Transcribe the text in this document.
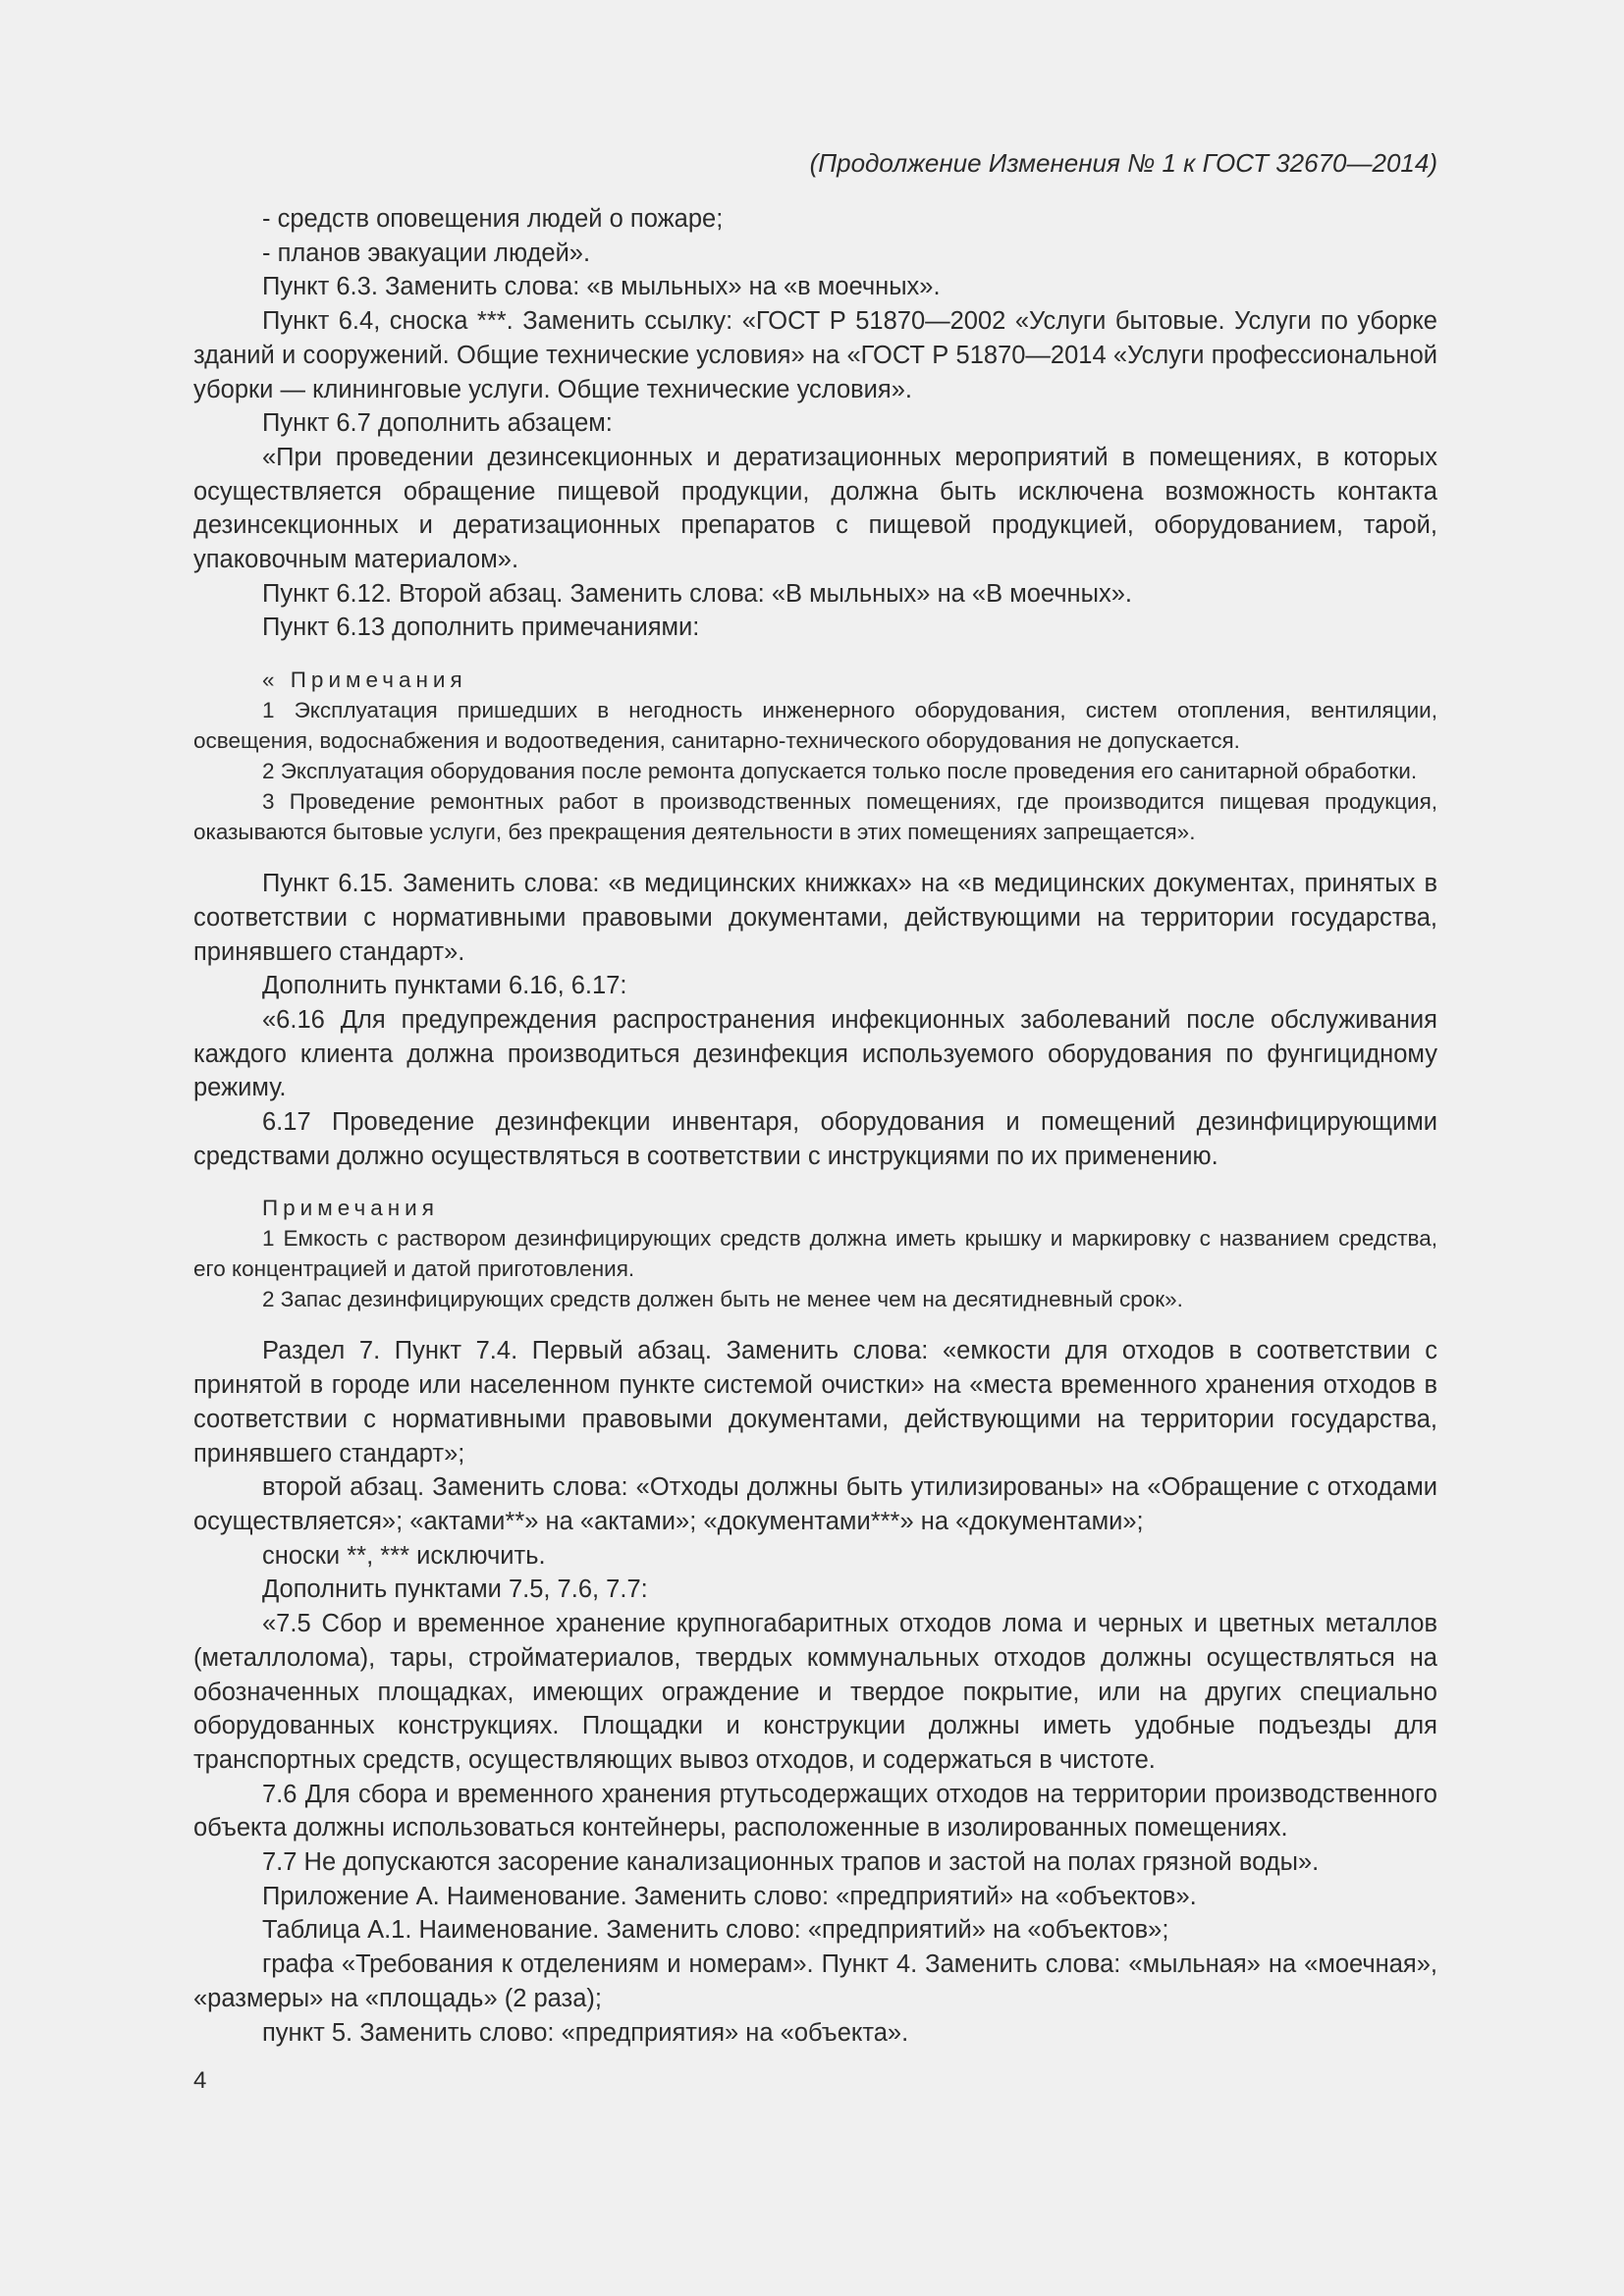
(Продолжение Изменения № 1 к ГОСТ 32670—2014)

- средств оповещения людей о пожаре;

- планов эвакуации людей».

Пункт 6.3. Заменить слова: «в мыльных» на «в моечных».

Пункт 6.4, сноска ***. Заменить ссылку: «ГОСТ Р 51870—2002 «Услуги бытовые. Услуги по уборке зданий и сооружений. Общие технические условия» на «ГОСТ Р 51870—2014 «Услуги профессиональной уборки — клининговые услуги. Общие технические условия».

Пункт 6.7 дополнить абзацем:

«При проведении дезинсекционных и дератизационных мероприятий в помещениях, в которых осуществляется обращение пищевой продукции, должна быть исключена возможность контакта дезинсекционных и дератизационных препаратов с пищевой продукцией, оборудованием, тарой, упаковочным материалом».

Пункт 6.12. Второй абзац. Заменить слова: «В мыльных» на «В моечных».

Пункт 6.13 дополнить примечаниями:

« Примечания

1 Эксплуатация пришедших в негодность инженерного оборудования, систем отопления, вентиляции, освещения, водоснабжения и водоотведения, санитарно-технического оборудования не допускается.

2 Эксплуатация оборудования после ремонта допускается только после проведения его санитарной обработки.

3 Проведение ремонтных работ в производственных помещениях, где производится пищевая продукция, оказываются бытовые услуги, без прекращения деятельности в этих помещениях запрещается».

Пункт 6.15. Заменить слова: «в медицинских книжках» на «в медицинских документах, принятых в соответствии с нормативными правовыми документами, действующими на территории государства, принявшего стандарт».

Дополнить пунктами 6.16, 6.17:

«6.16 Для предупреждения распространения инфекционных заболеваний после обслуживания каждого клиента должна производиться дезинфекция используемого оборудования по фунгицидному режиму.

6.17 Проведение дезинфекции инвентаря, оборудования и помещений дезинфицирующими средствами должно осуществляться в соответствии с инструкциями по их применению.

Примечания

1 Емкость с раствором дезинфицирующих средств должна иметь крышку и маркировку с названием средства, его концентрацией и датой приготовления.

2 Запас дезинфицирующих средств должен быть не менее чем на десятидневный срок».

Раздел 7. Пункт 7.4. Первый абзац. Заменить слова: «емкости для отходов в соответствии с принятой в городе или населенном пункте системой очистки» на «места временного хранения отходов в соответствии с нормативными правовыми документами, действующими на территории государства, принявшего стандарт»;

второй абзац. Заменить слова: «Отходы должны быть утилизированы» на «Обращение с отходами осуществляется»; «актами**» на «актами»; «документами***» на «документами»;

сноски **, *** исключить.

Дополнить пунктами 7.5, 7.6, 7.7:

«7.5 Сбор и временное хранение крупногабаритных отходов лома и черных и цветных металлов (металлолома), тары, стройматериалов, твердых коммунальных отходов должны осуществляться на обозначенных площадках, имеющих ограждение и твердое покрытие, или на других специально оборудованных конструкциях. Площадки и конструкции должны иметь удобные подъезды для транспортных средств, осуществляющих вывоз отходов, и содержаться в чистоте.

7.6 Для сбора и временного хранения ртутьсодержащих отходов на территории производственного объекта должны использоваться контейнеры, расположенные в изолированных помещениях.

7.7 Не допускаются засорение канализационных трапов и застой на полах грязной воды».

Приложение А. Наименование. Заменить слово: «предприятий» на «объектов».

Таблица А.1. Наименование. Заменить слово: «предприятий» на «объектов»;

графа «Требования к отделениям и номерам». Пункт 4. Заменить слова: «мыльная» на «моечная», «размеры» на «площадь» (2 раза);

пункт 5. Заменить слово: «предприятия» на «объекта».

4
